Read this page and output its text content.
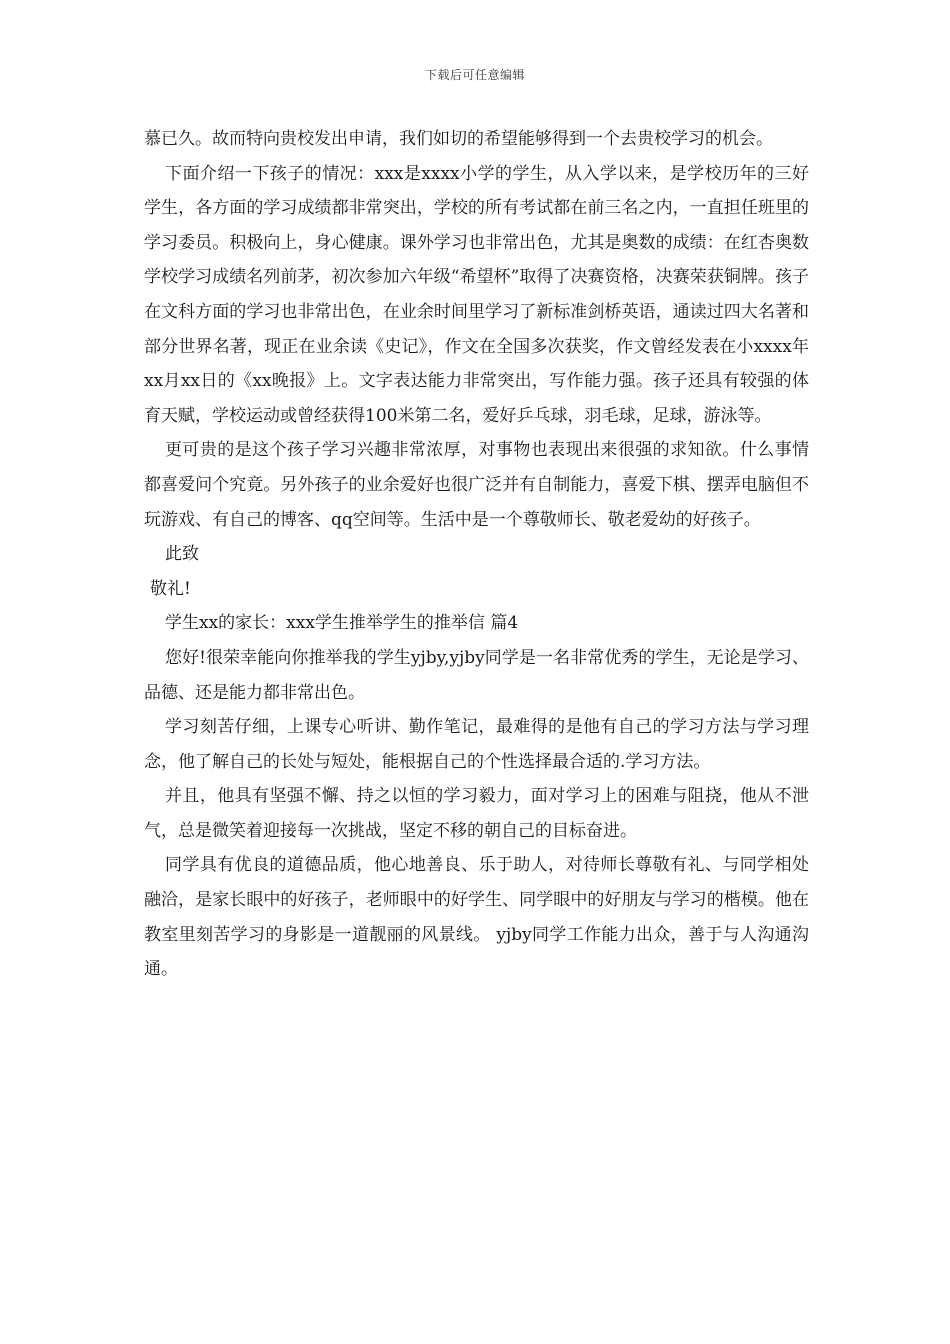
下载后可任意编辑

慕已久。故而特向贵校发出申请，我们如切的希望能够得到一个去贵校学习的机会。

下面介绍一下孩子的情况：xxx是xxxx小学的学生，从入学以来，是学校历年的三好学生，各方面的学习成绩都非常突出，学校的所有考试都在前三名之内，一直担任班里的学习委员。积极向上，身心健康。课外学习也非常出色，尤其是奥数的成绩：在红杏奥数学校学习成绩名列前茅，初次参加六年级“希望杯”取得了决赛资格，决赛荣获铜牌。孩子在文科方面的学习也非常出色，在业余时间里学习了新标准剑桥英语，通读过四大名著和部分世界名著，现正在业余读《史记》，作文在全国多次获奖，作文曾经发表在小xxxx年xx月xx日的《xx晚报》上。文字表达能力非常突出，写作能力强。孩子还具有较强的体育天赋，学校运动或曾经获得100米第二名，爱好乒乓球，羽毛球，足球，游泳等。

更可贵的是这个孩子学习兴趣非常浓厚，对事物也表现出来很强的求知欲。什么事情都喜爱问个究竟。另外孩子的业余爱好也很广泛并有自制能力，喜爱下棋、摆弄电脑但不玩游戏、有自己的博客、qq空间等。生活中是一个尊敬师长、敬老爱幼的好孩子。

此致

敬礼!

学生xx的家长：xxx学生推举学生的推举信 篇4

您好!很荣幸能向你推举我的学生yjby,yjby同学是一名非常优秀的学生，无论是学习、品德、还是能力都非常出色。

学习刻苦仔细，上课专心听讲、勤作笔记，最难得的是他有自己的学习方法与学习理念，他了解自己的长处与短处，能根据自己的个性选择最合适的.学习方法。

并且，他具有坚强不懈、持之以恒的学习毅力，面对学习上的困难与阻挠，他从不泄气，总是微笑着迎接每一次挑战，坚定不移的朝自己的目标奋进。

同学具有优良的道德品质，他心地善良、乐于助人，对待师长尊敬有礼、与同学相处融洽，是家长眼中的好孩子，老师眼中的好学生、同学眼中的好朋友与学习的楷模。他在教室里刻苦学习的身影是一道靓丽的风景线。 yjby同学工作能力出众，善于与人沟通沟通。
